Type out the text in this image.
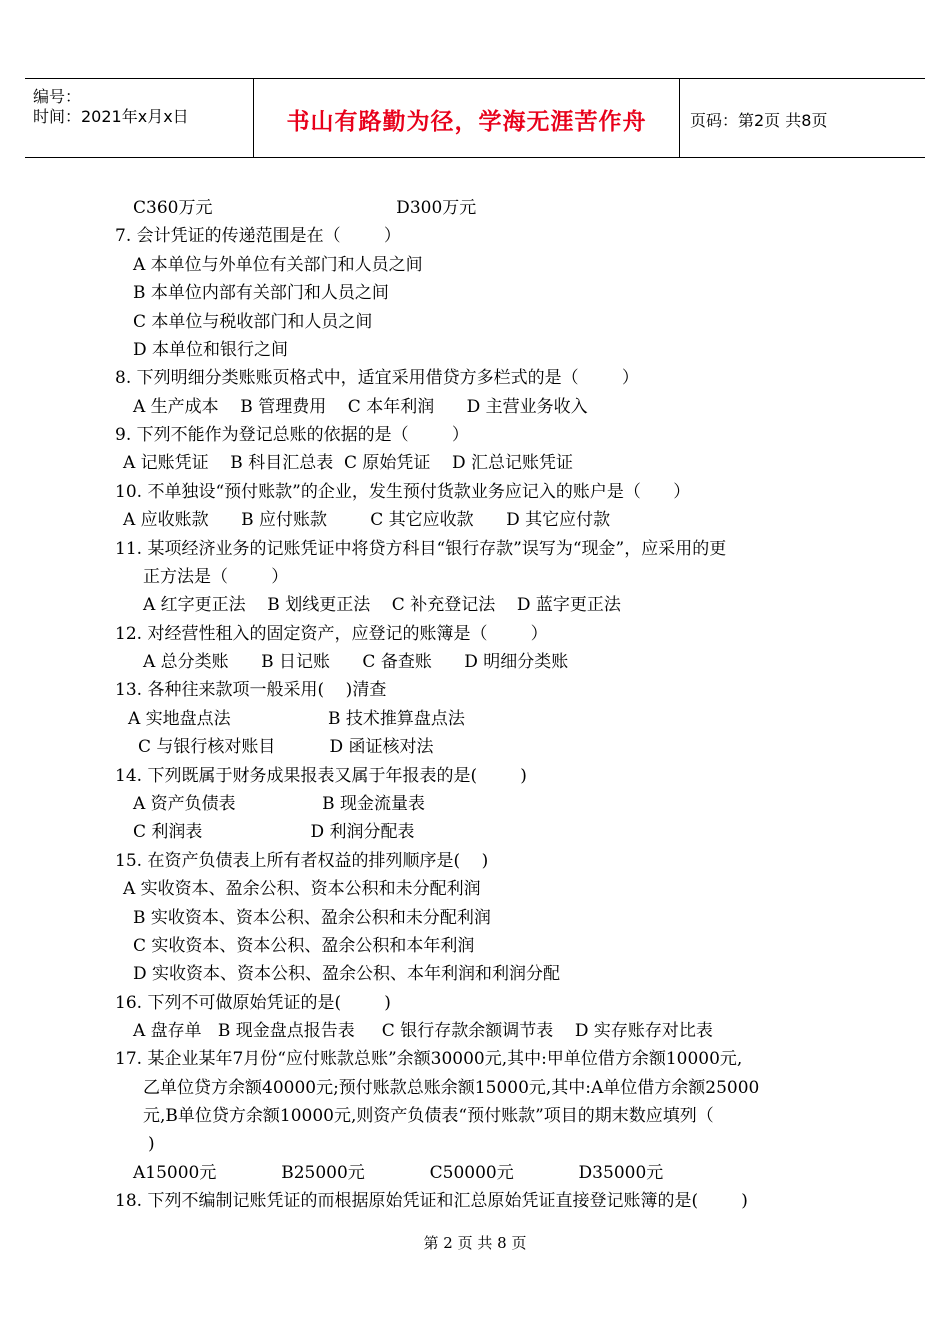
编号：
时间：2021年x月x日	书山有路勤为径，学海无涯苦作舟	页码：第2页 共8页
C360万元                                  D300万元
7. 会计凭证的传递范围是在（        ）
A 本单位与外单位有关部门和人员之间
B 本单位内部有关部门和人员之间
C 本单位与税收部门和人员之间
D 本单位和银行之间
8. 下列明细分类账账页格式中，适宜采用借贷方多栏式的是（        ）
A 生产成本    B 管理费用    C 本年利润      D 主营业务收入
9. 下列不能作为登记总账的依据的是（        ）
A 记账凭证    B 科目汇总表  C 原始凭证    D 汇总记账凭证
10. 不单独设“预付账款”的企业，发生预付货款业务应记入的账户是（      ）
A 应收账款      B 应付账款        C 其它应收款      D 其它应付款
11. 某项经济业务的记账凭证中将贷方科目“银行存款”误写为“现金”，应采用的更
正方法是（        ）
A 红字更正法    B 划线更正法    C 补充登记法    D 蓝字更正法
12. 对经营性租入的固定资产，应登记的账簿是（        ）
A 总分类账      B 日记账      C 备查账      D 明细分类账
13. 各种往来款项一般采用(    )清查
A 实地盘点法                  B 技术推算盘点法
C 与银行核对账目          D 函证核对法
14. 下列既属于财务成果报表又属于年报表的是(        )
A 资产负债表                B 现金流量表
C 利润表                    D 利润分配表
15. 在资产负债表上所有者权益的排列顺序是(    )
A 实收资本、盈余公积、资本公积和未分配利润
B 实收资本、资本公积、盈余公积和未分配利润
C 实收资本、资本公积、盈余公积和本年利润
D 实收资本、资本公积、盈余公积、本年利润和利润分配
16. 下列不可做原始凭证的是(        )
A 盘存单   B 现金盘点报告表     C 银行存款余额调节表    D 实存账存对比表
17. 某企业某年7月份“应付账款总账”余额30000元,其中:甲单位借方余额10000元,
乙单位贷方余额40000元;预付账款总账余额15000元,其中:A单位借方余额25000
元,B单位贷方余额10000元,则资产负债表“预付账款”项目的期末数应填列（
)
A15000元            B25000元            C50000元            D35000元
18. 下列不编制记账凭证的而根据原始凭证和汇总原始凭证直接登记账簿的是(        )
第 2 页 共 8 页
